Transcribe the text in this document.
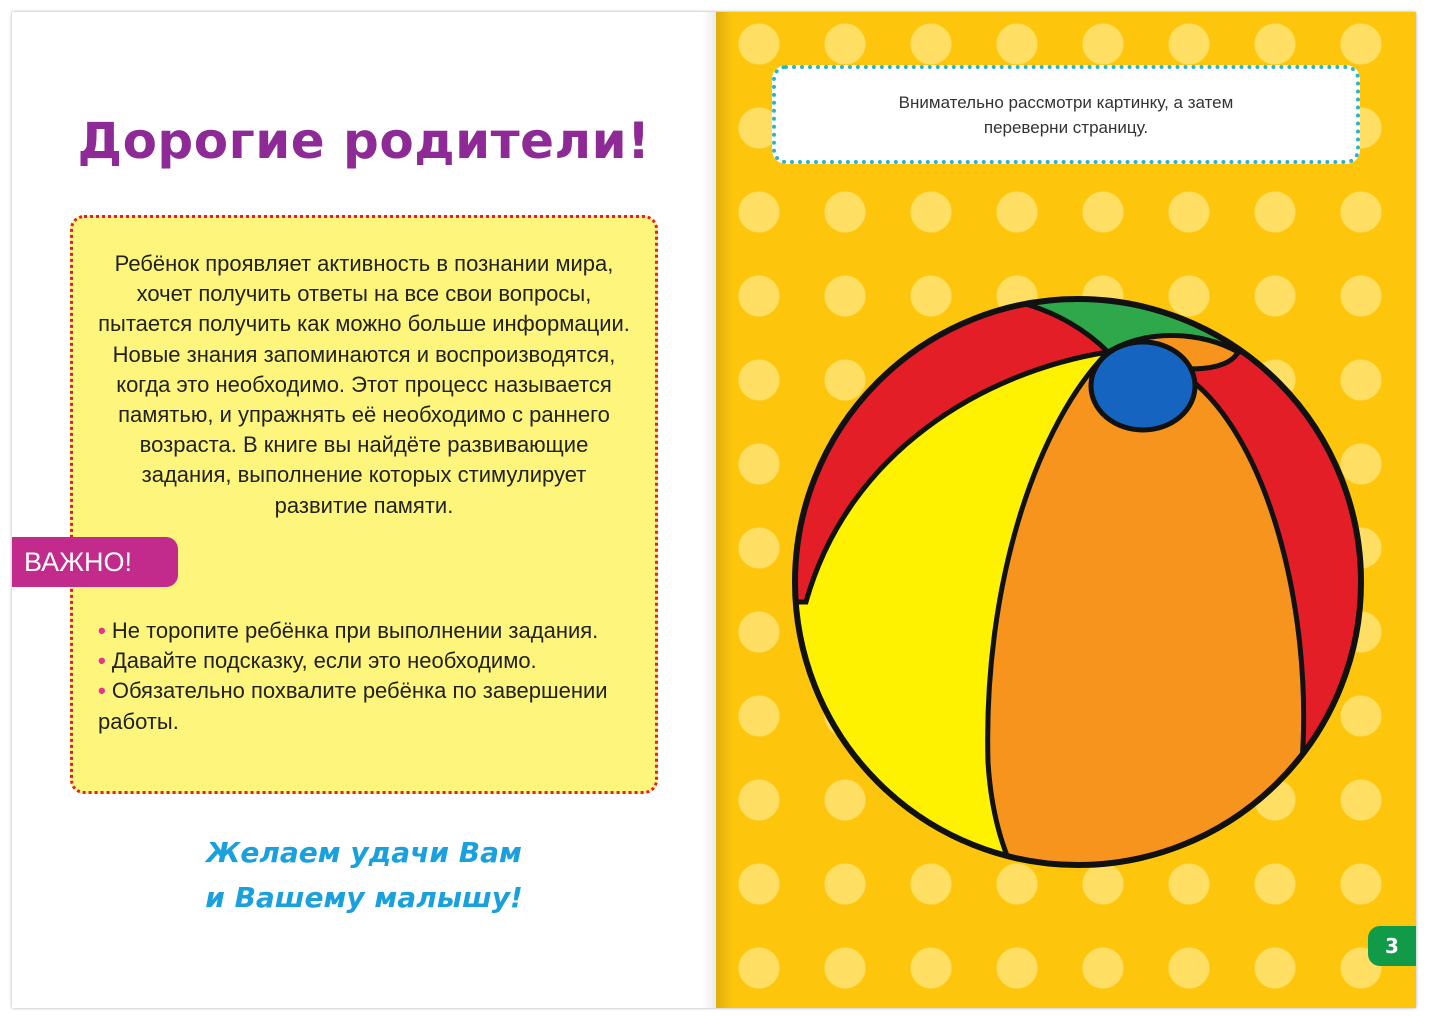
Дорогие родители!

Ребёнок проявляет активность в познании мира, хочет получить ответы на все свои вопросы, пытается получить как можно больше информации. Новые знания запоминаются и воспроизводятся, когда это необходимо. Этот процесс называется памятью, и упражнять её необходимо с раннего возраста. В книге вы найдёте развивающие задания, выполнение которых стимулирует развитие памяти.

• Не торопите ребёнка при выполнении задания.
• Давайте подсказку, если это необходимо.
• Обязательно похвалите ребёнка по завершении работы.
ВАЖНО!
Желаем удачи Вам
и Вашему малышу!

Внимательно рассмотри картинку, а затем переверни страницу.

3
